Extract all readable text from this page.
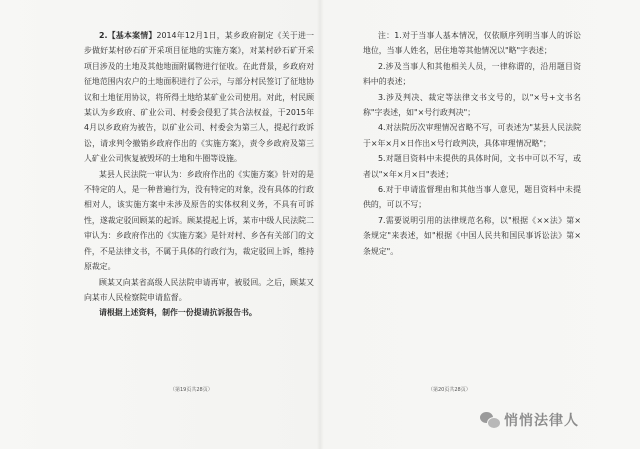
2.【基本案情】2014年12月1日，某乡政府制定《关于进一步做好某村砂石矿开采项目征地的实施方案》，对某村砂石矿开采项目涉及的土地及其他地面附属物进行征收。在此背景，乡政府对征地范围内农户的土地面积进行了公示，与部分村民签订了征地协议和土地征用协议，将所得土地给某矿业公司使用。对此，村民顾某认为乡政府、矿业公司、村委会侵犯了其合法权益，于2015年4月以乡政府为被告，以矿业公司、村委会为第三人，提起行政诉讼，请求判令撤销乡政府作出的《实施方案》，责令乡政府及第三人矿业公司恢复被毁坏的土地和牛圈等设施。

某县人民法院一审认为：乡政府作出的《实施方案》针对的是不特定的人，是一种普遍行为，没有特定的对象，没有具体的行政相对人，该实施方案中未涉及原告的实体权利义务，不具有可诉性，遂裁定驳回顾某的起诉。顾某提起上诉，某市中级人民法院二审认为：乡政府作出的《实施方案》是针对村、乡各有关部门的文件，不是法律文书，不属于具体的行政行为，裁定驳回上诉，维持原裁定。

顾某又向某省高级人民法院申请再审，被驳回。之后，顾某又向某市人民检察院申请监督。

请根据上述资料，制作一份提请抗诉报告书。

注：1.对于当事人基本情况，仅依顺序列明当事人的诉讼地位，当事人姓名，居住地等其他情况以"略"字表述；

2.涉及当事人和其他相关人员，一律称谓的，沿用题目资料中的表述；

3.涉及判决、裁定等法律文书文号的，以"×号+文书名称"字表述，如"×号行政判决"；

4.对法院历次审理情况省略不写，可表述为"某县人民法院于×年×月×日作出×号行政判决，具体审理情况略"；

5.对题目资料中未提供的具体时间，文书中可以不写，或者以"×年×月×日"表述；

6.对于申请监督理由和其他当事人意见，题目资料中未提供的，可以不写；

7.需要说明引用的法律规范名称，以"根据《××法》第×条规定"来表述，如"根据《中国人民共和国民事诉讼法》第×条规定"。

（第19页共28页）	（第20页共28页）
悄悄法律人
